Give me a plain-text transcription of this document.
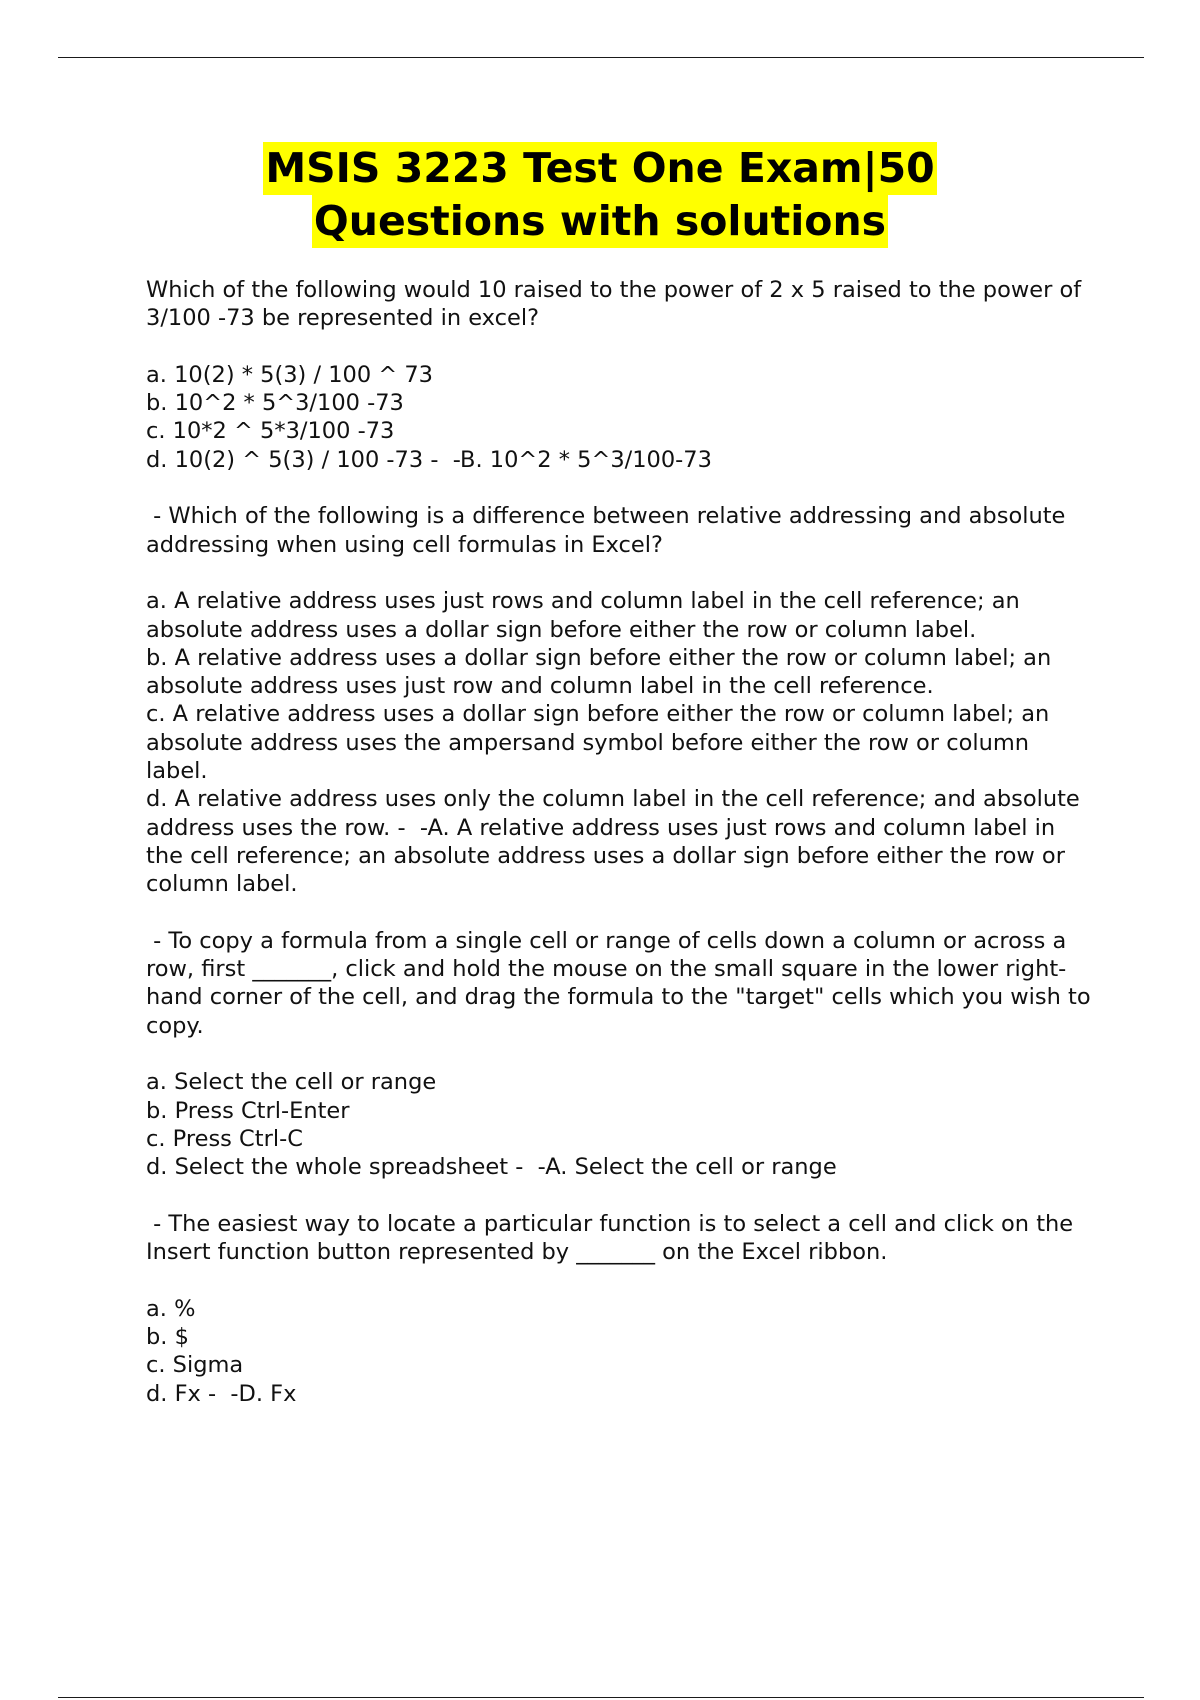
MSIS 3223 Test One Exam|50
Questions with solutions

Which of the following would 10 raised to the power of 2 x 5 raised to the power of 3/100 -73 be represented in excel?

a. 10(2) * 5(3) / 100 ^ 73
b. 10^2 * 5^3/100 -73
c. 10*2 ^ 5*3/100 -73
d. 10(2) ^ 5(3) / 100 -73 -  -B. 10^2 * 5^3/100-73

- Which of the following is a difference between relative addressing and absolute addressing when using cell formulas in Excel?

a. A relative address uses just rows and column label in the cell reference; an absolute address uses a dollar sign before either the row or column label.
b. A relative address uses a dollar sign before either the row or column label; an absolute address uses just row and column label in the cell reference.
c. A relative address uses a dollar sign before either the row or column label; an absolute address uses the ampersand symbol before either the row or column label.
d. A relative address uses only the column label in the cell reference; and absolute address uses the row. -  -A. A relative address uses just rows and column label in the cell reference; an absolute address uses a dollar sign before either the row or column label.

- To copy a formula from a single cell or range of cells down a column or across a row, first _______, click and hold the mouse on the small square in the lower right-hand corner of the cell, and drag the formula to the "target" cells which you wish to copy.

a. Select the cell or range
b. Press Ctrl-Enter
c. Press Ctrl-C
d. Select the whole spreadsheet -  -A. Select the cell or range

- The easiest way to locate a particular function is to select a cell and click on the Insert function button represented by _______ on the Excel ribbon.

a. %
b. $
c. Sigma
d. Fx -  -D. Fx
